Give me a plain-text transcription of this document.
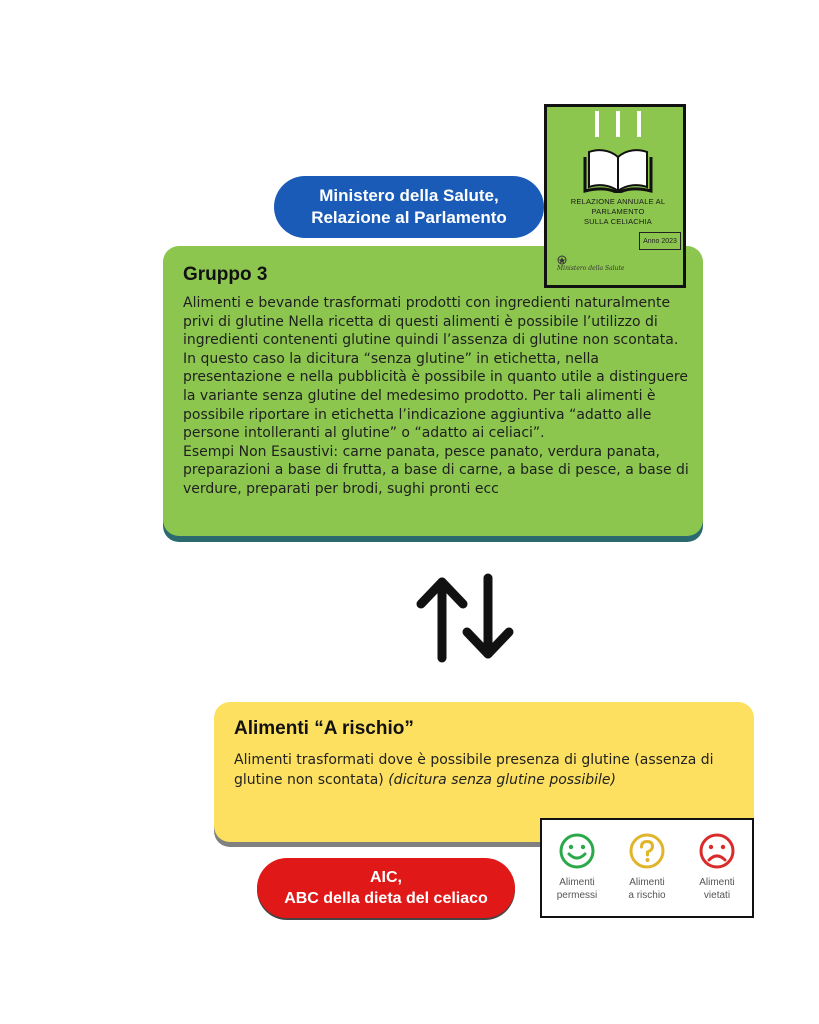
Gruppo 3

Alimenti e bevande trasformati prodotti con ingredienti naturalmente privi di glutine Nella ricetta di questi alimenti è possibile l’utilizzo di ingredienti contenenti glutine quindi l’assenza di glutine non scontata. In questo caso la dicitura “senza glutine” in etichetta, nella presentazione e nella pubblicità è possibile in quanto utile a distinguere la variante senza glutine del medesimo prodotto. Per tali alimenti è possibile riportare in etichetta l’indicazione aggiuntiva “adatto alle persone intolleranti al glutine” o “adatto ai celiaci”.

Esempi Non Esaustivi: carne panata, pesce panato, verdura panata, preparazioni a base di frutta, a base di carne, a base di pesce, a base di verdure, preparati per brodi, sughi pronti ecc

Ministero della Salute,
Relazione al Parlamento
RELAZIONE ANNUALE AL PARLAMENTO
SULLA CELIACHIA
Anno 2023
Ministero della Salute
Alimenti “A rischio”

Alimenti trasformati dove è possibile presenza di glutine (assenza di glutine non scontata) (dicitura senza glutine possibile)

AIC,
ABC della dieta del celiaco
Alimenti
permessi
Alimenti
a rischio
Alimenti
vietati
